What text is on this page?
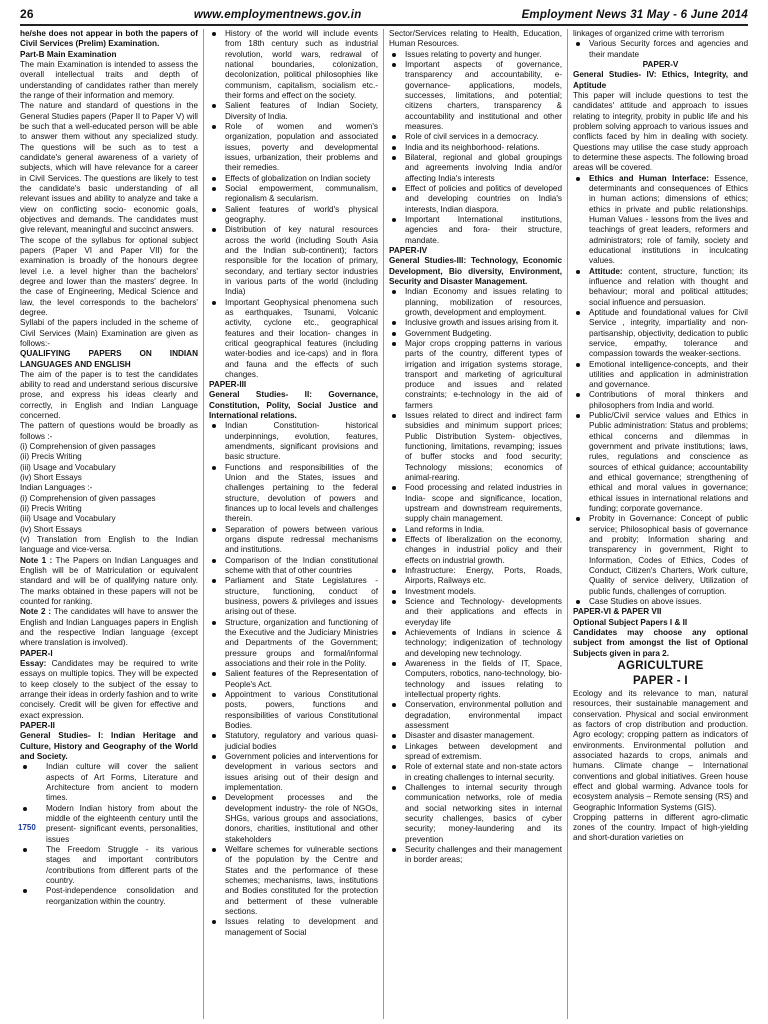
26	www.employmentnews.gov.in	Employment News 31 May - 6 June 2014
he/she does not appear in both the papers of Civil Services (Prelim) Examination.
Part-B Main Examination
The main Examination is intended to assess the overall intellectual traits and depth of understanding of candidates rather than merely the range of their information and memory.
The nature and standard of questions in the General Studies papers (Paper II to Paper V) will be such that a well-educated person will be able to answer them without any specialized study. The questions will be such as to test a candidate's general awareness of a variety of subjects, which will have relevance for a career in Civil Services. The questions are likely to test the candidate's basic understanding of all relevant issues and ability to analyze and take a view on conflicting socio- economic goals, objectives and demands. The candidates must give relevant, meaningful and succinct answers.
The scope of the syllabus for optional subject papers (Paper VI and Paper VII) for the examination is broadly of the honours degree level i.e. a level higher than the bachelors' degree and lower than the masters' degree. In the case of Engineering, Medical Science and law, the level corresponds to the bachelors' degree.
Syllabi of the papers included in the scheme of Civil Services (Main) Examination are given as follows:-
QUALIFYING PAPERS ON INDIAN LANGUAGES AND ENGLISH
The aim of the paper is to test the candidates ability to read and understand serious discursive prose, and express his ideas clearly and correctly, in English and Indian Language concerned.
The pattern of questions would be broadly as follows :-
(i) Comprehension of given passages
(ii) Precis Writing
(iii) Usage and Vocabulary
(iv) Short Essays
Indian Languages :-
(i) Comprehension of given passages
(ii) Precis Writing
(iii) Usage and Vocabulary
(iv) Short Essays
(v) Translation from English to the Indian language and vice-versa.
Note 1 : The Papers on Indian Languages and English will be of Matriculation or equivalent standard and will be of qualifying nature only. The marks obtained in these papers will not be counted for ranking.
Note 2 : The candidates will have to answer the English and Indian Languages papers in English and the respective Indian language (except where translation is involved).
PAPER-I
Essay: Candidates may be required to write essays on multiple topics. They will be expected to keep closely to the subject of the essay to arrange their ideas in orderly fashion and to write concisely. Credit will be given for effective and exact expression.
PAPER-II
General Studies- I: Indian Heritage and Culture, History and Geography of the World and Society.
Indian culture will cover the salient aspects of Art Forms, Literature and Architecture from ancient to modern times.
Modern Indian history from about the middle of the eighteenth century until the present- significant events, personalities, issues
1750
The Freedom Struggle - its various stages and important contributors /contributions from different parts of the country.
Post-independence consolidation and reorganization within the country.
History of the world will include events from 18th century such as industrial revolution, world wars, redrawal of national boundaries, colonization, decolonization, political philosophies like communism, capitalism, socialism etc.- their forms and effect on the society.
Salient features of Indian Society, Diversity of India.
Role of women and women's organization, population and associated issues, poverty and developmental issues, urbanization, their problems and their remedies.
Effects of globalization on Indian society
Social empowerment, communalism, regionalism & secularism.
Salient features of world's physical geography.
Distribution of key natural resources across the world (including South Asia and the Indian sub-continent); factors responsible for the location of primary, secondary, and tertiary sector industries in various parts of the world (including India)
Important Geophysical phenomena such as earthquakes, Tsunami, Volcanic activity, cyclone etc., geographical features and their location- changes in critical geographical features (including water-bodies and ice-caps) and in flora and fauna and the effects of such changes.
PAPER-III
General Studies- II: Governance, Constitution, Polity, Social Justice and International relations.
Indian Constitution- historical underpinnings, evolution, features, amendments, significant provisions and basic structure.
Functions and responsibilities of the Union and the States, issues and challenges pertaining to the federal structure, devolution of powers and finances up to local levels and challenges therein.
Separation of powers between various organs dispute redressal mechanisms and institutions.
Comparison of the Indian constitutional scheme with that of other countries
Parliament and State Legislatures - structure, functioning, conduct of business, powers & privileges and issues arising out of these.
Structure, organization and functioning of the Executive and the Judiciary Ministries and Departments of the Government; pressure groups and formal/informal associations and their role in the Polity.
Salient features of the Representation of People's Act.
Appointment to various Constitutional posts, powers, functions and responsibilities of various Constitutional Bodies.
Statutory, regulatory and various quasi-judicial bodies
Government policies and interventions for development in various sectors and issues arising out of their design and implementation.
Development processes and the development industry- the role of NGOs, SHGs, various groups and associations, donors, charities, institutional and other stakeholders
Welfare schemes for vulnerable sections of the population by the Centre and States and the performance of these schemes; mechanisms, laws, institutions and Bodies constituted for the protection and betterment of these vulnerable sections.
Issues relating to development and management of Social
Sector/Services relating to Health, Education, Human Resources.
Issues relating to poverty and hunger.
Important aspects of governance, transparency and accountability, e-governance- applications, models, successes, limitations, and potential; citizens charters, transparency & accountability and institutional and other measures.
Role of civil services in a democracy.
India and its neighborhood- relations.
Bilateral, regional and global groupings and agreements involving India and/or affecting India's interests
Effect of policies and politics of developed and developing countries on India's interests, Indian diaspora.
Important International institutions, agencies and fora- their structure, mandate.
PAPER-IV
General Studies-III: Technology, Economic Development, Bio diversity, Environment, Security and Disaster Management.
Indian Economy and issues relating to planning, mobilization of resources, growth, development and employment.
Inclusive growth and issues arising from it.
Government Budgeting.
Major crops cropping patterns in various parts of the country, different types of irrigation and irrigation systems storage, transport and marketing of agricultural produce and issues and related constraints; e-technology in the aid of farmers
Issues related to direct and indirect farm subsidies and minimum support prices; Public Distribution System- objectives, functioning, limitations, revamping; issues of buffer stocks and food security; Technology missions; economics of animal-rearing.
Food processing and related industries in India- scope and significance, location, upstream and downstream requirements, supply chain management.
Land reforms in India.
Effects of liberalization on the economy, changes in industrial policy and their effects on industrial growth.
Infrastructure: Energy, Ports, Roads, Airports, Railways etc.
Investment models.
Science and Technology- developments and their applications and effects in everyday life
Achievements of Indians in science & technology; indigenization of technology and developing new technology.
Awareness in the fields of IT, Space, Computers, robotics, nano-technology, bio-technology and issues relating to intellectual property rights.
Conservation, environmental pollution and degradation, environmental impact assessment
Disaster and disaster management.
Linkages between development and spread of extremism.
Role of external state and non-state actors in creating challenges to internal security.
Challenges to internal security through communication networks, role of media and social networking sites in internal security challenges, basics of cyber security; money-laundering and its prevention
Security challenges and their management in border areas;
linkages of organized crime with terrorism
Various Security forces and agencies and their mandate
PAPER-V
General Studies- IV: Ethics, Integrity, and Aptitude
This paper will include questions to test the candidates' attitude and approach to issues relating to integrity, probity in public life and his problem solving approach to various issues and conflicts faced by him in dealing with society. Questions may utilise the case study approach to determine these aspects. The following broad areas will be covered.
Ethics and Human Interface: Essence, determinants and consequences of Ethics in human actions; dimensions of ethics; ethics in private and public relationships. Human Values - lessons from the lives and teachings of great leaders, reformers and administrators; role of family, society and educational institutions in inculcating values.
Attitude: content, structure, function; its influence and relation with thought and behaviour; moral and political attitudes; social influence and persuasion.
Aptitude and foundational values for Civil Service , integrity, impartiality and non-partisanship, objectivity, dedication to public service, empathy, tolerance and compassion towards the weaker-sections.
Emotional intelligence-concepts, and their utilities and application in administration and governance.
Contributions of moral thinkers and philosophers from India and world.
Public/Civil service values and Ethics in Public administration: Status and problems; ethical concerns and dilemmas in government and private institutions; laws, rules, regulations and conscience as sources of ethical guidance; accountability and ethical governance; strengthening of ethical and moral values in governance; ethical issues in international relations and funding; corporate governance.
Probity in Governance: Concept of public service; Philosophical basis of governance and probity; Information sharing and transparency in government, Right to Information, Codes of Ethics, Codes of Conduct, Citizen's Charters, Work culture, Quality of service delivery, Utilization of public funds, challenges of corruption.
Case Studies on above issues.
PAPER-VI & PAPER VII
Optional Subject Papers I & II
Candidates may choose any optional subject from amongst the list of Optional Subjects given in para 2.
AGRICULTURE
PAPER - I
Ecology and its relevance to man, natural resources, their sustainable management and conservation. Physical and social environment as factors of crop distribution and production. Agro ecology; cropping pattern as indicators of environments. Environmental pollution and associated hazards to crops, animals and humans. Climate change – International conventions and global initiatives. Green house effect and global warming. Advance tools for ecosystem analysis – Remote sensing (RS) and Geographic Information Systems (GIS).
Cropping patterns in different agro-climatic zones of the country. Impact of high-yielding and short-duration varieties on
